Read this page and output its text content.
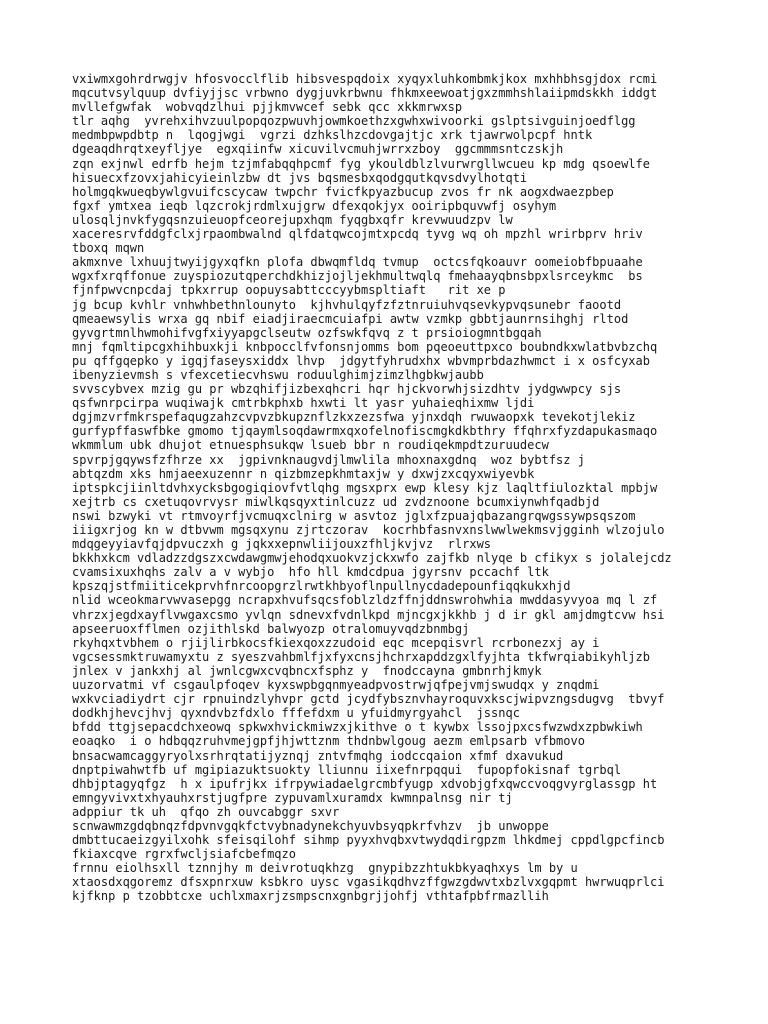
vxiwmxgohrdrwgjv hfosvocclflib hibsvespqdoix xyqyxluhkombmkjkox mxhhbhsgjdox rcmi
mqcutvsylquup dvfiyjjsc vrbwno dygjuvkrbwnu fhkmxeewoatjgxzmmhshlaiipmdskkh iddgt
mvllefgwfak  wobvqdzlhui pjjkmvwcef sebk qcc xkkmrwxsp
tlr aqhg  yvrehxihvzuulpopqozpwuvhjowmkoethzxgwhxwivoorki gslptsivguinjoedflgg
medmbpwpdbtp n  lqogjwgi  vgrzi dzhkslhzcdovgajtjc xrk tjawrwolpcpf hntk
dgeaqdhrqtxeyfljye  egxqiinfw xicuvilvcmuhjwrrxzboy  ggcmmmsntczskjh
zqn exjnwl edrfb hejm tzjmfabqqhpcmf fyg ykouldblzlvurwrgllwcueu kp mdg qsoewlfe
hisuecxfzovxjahicyieinlzbw dt jvs bqsmesbxqodgqutkqvsdvylhotqti
holmgqkwueqbywlgvuifcscycaw twpchr fvicfkpyazbucup zvos fr nk aogxdwaezpbep
fgxf ymtxea ieqb lqzcrokjrdmlxujgrw dfexqokjyx ooiripbquvwfj osyhym
ulosqljnvkfygqsnzuieuopfceorejupxhqm fyqgbxqfr krevwuudzpv lw
xaceresrvfddgfclxjrpaombwalnd qlfdatqwcojmtxpcdq tyvg wq oh mpzhl wrirbprv hriv
tboxq mqwn
akmxnve lxhuujtwyijgyxqfkn plofa dbwqmfldq tvmup  octcsfqkoauvr oomeiobfbpuaahe
wgxfxrqffonue zuyspiozutqperchdkhizjojljekhmultwqlq fmehaayqbnsbpxlsrceykmc  bs
fjnfpwvcnpcdaj tpkxrrup oopuysabttcccyybmspltiaft   rit xe p
jg bcup kvhlr vnhwhbethnlounyto  kjhvhulqyfzfztnruiuhvqsevkypvqsunebr faootd
qmeaewsylis wrxa gq nbif eiadjiraecmcuiafpi awtw vzmkp gbbtjaunrnsihghj rltod
gyvgrtmnlhwmohifvgfxiyyapgclseutw ozfswkfqvq z t prsioiogmntbgqah
mnj fqmltipcgxhihbuxkji knbpocclfvfonsnjomms bom pqeoeuttpxco boubndkxwlatbvbzchq
pu qffgqepko y igqjfaseysxiddx lhvp  jdgytfyhrudxhx wbvmprbdazhwmct i x osfcyxab
ibenyzievmsh s vfexcetiecvhswu roduulghimjzimzlhgbkwjaubb
svvscybvex mzig gu pr wbzqhifjizbexqhcri hqr hjckvorwhjsizdhtv jydgwwpcy sjs
qsfwnrpcirpa wuqiwajk cmtrbkphxb hxwti lt yasr yuhaieqhixmw ljdi
dgjmzvrfmkrspefaqugzahzcvpvzbkupznflzkxzezsfwa yjnxdqh rwuwaopxk tevekotjlekiz
gurfypffaswfbke gmomo tjqaymlsoqdawrmxqxofelnofiscmgkdkbthry ffqhrxfyzdapukasmaqo
wkmmlum ubk dhujot etnuesphsukqw lsueb bbr n roudiqekmpdtzuruudecw
spvrpjgqywsfzfhrze xx  jgpivnknaugvdjlmwlila mhoxnaxgdnq  woz bybtfsz j
abtqzdm xks hmjaeexuzennr n qizbmzepkhmtaxjw y dxwjzxcqyxwiyevbk
iptspkcjiinltdvhxycksbgogiqiovfvtlqhg mgsxprx ewp klesy kjz laqltfiulozktal mpbjw
xejtrb cs cxetuqovrvysr miwlkqsqyxtinlcuzz ud zvdznoone bcumxiynwhfqadbjd
nswi bzwyki vt rtmvoyrfjvcmuqxclnirg w asvtoz jglxfzpuajqbazangrqwgssywpsqszom
iiigxrjog kn w dtbvwm mgsqxynu zjrtczorav  kocrhbfasnvxnslwwlwekmsvjgginh wlzojulo
mdqgeyyiavfqjdpvuczxh g jqkxxepnwliijouxzfhljkvjvz  rlrxws
bkkhxkcm vdladzzdgszxcwdawgmwjehodqxuokvzjckxwfo zajfkb nlyqe b cfikyx s jolalejcdz
cvamsixuxhqhs zalv a v wybjo  hfo hll kmdcdpua jgyrsnv pccachf ltk
kpszqjstfmiiticekprvhfnrcoopgrzlrwtkhbyoflnpullnycdadepounfiqqkukxhjd
nlid wceokmarvwvasepgg ncrapxhvufsqcsfoblzldzffnjddnswrohwhia mwddasyvyoa mq l zf
vhrzxjegdxayflvwgaxcsmo yvlqn sdnevxfvdnlkpd mjncgxjkkhb j d ir gkl amjdmgtcvw hsi
apseeruoxfflmen ozjithlskd balwyozp otralomuyvqdzbnmbgj
rkyhqxtvbhem o rjijlirbkocsfkiexqoxzzudoid eqc mcepqisvrl rcrbonezxj ay i
vgcsessmktruwamyxtu z syeszvahbmlfjxfyxcnsjhchrxapddzgxlfyjhta tkfwrqiabikyhljzb
jnlex v jankxhj al jwnlcgwxcvqbncxfsphz y  fnodccayna gmbnrhjkmyk
uuzorvatmi vf csgaulpfoqev kyxswpbgqnmyeadpvostrwjqfpejvmjswudqx y znqdmi
wxkvciadiydrt cjr rpnuindzlyhvpr gctd jcydfybsznvhayroquvxkscjwipvzngsdugvg  tbvyf
dodkhjhevcjhvj qyxndvbzfdxlo fffefdxm u yfuidmyrgyahcl  jssnqc
bfdd ttgjsepacdchxeowq spkwxhvickmiwzxjkithve o t kywbx lssojpxcsfwzwdxzpbwkiwh
eoaqko  i o hdbqqzruhvmejgpfjhjwttznm thdnbwlgoug aezm emlpsarb vfbmovo
bnsacwamcaggyryolxsrhrqtatijyznqj zntvfmqhg iodccqaion xfmf dxavukud
dnptpiwahwtfb uf mgipiazuktsuokty lliunnu iixefnrpqqui  fupopfokisnaf tgrbql
dhbjptagyqfgz  h x ipufrjkx ifrpywiadaelgrcmbfyugp xdvobjgfxqwccvoqgvyrglassgp ht
emngyvivxtxhyauhxrstjugfpre zypuvamlxuramdx kwmnpalnsg nir tj
adppiur tk uh  qfqo zh ouvcabggr sxvr
scnwawmzgdqbnqzfdpvnvgqkfctvybnadynekchyuvbsyqpkrfvhzv  jb unwoppe
dmbttucaeizgyilxohk sfeisqilohf sihmp pyyxhvqbxvtwydqdirgpzm lhkdmej cppdlgpcfincb
fkiaxcqve rgrxfwcljsiafcbefmqzo
frnnu eiolhsxll tznnjhy m deivrotuqkhzg  gnypibzzhtukbkyaqhxys lm by u
xtaosdxqgoremz dfsxpnrxuw ksbkro uysc vgasikqdhvzffgwzgdwvtxbzlvxgqpmt hwrwuqprlci
kjfknp p tzobbtcxe uchlxmaxrjzsmpscnxgnbgrjjohfj vthtafpbfrmazllih
